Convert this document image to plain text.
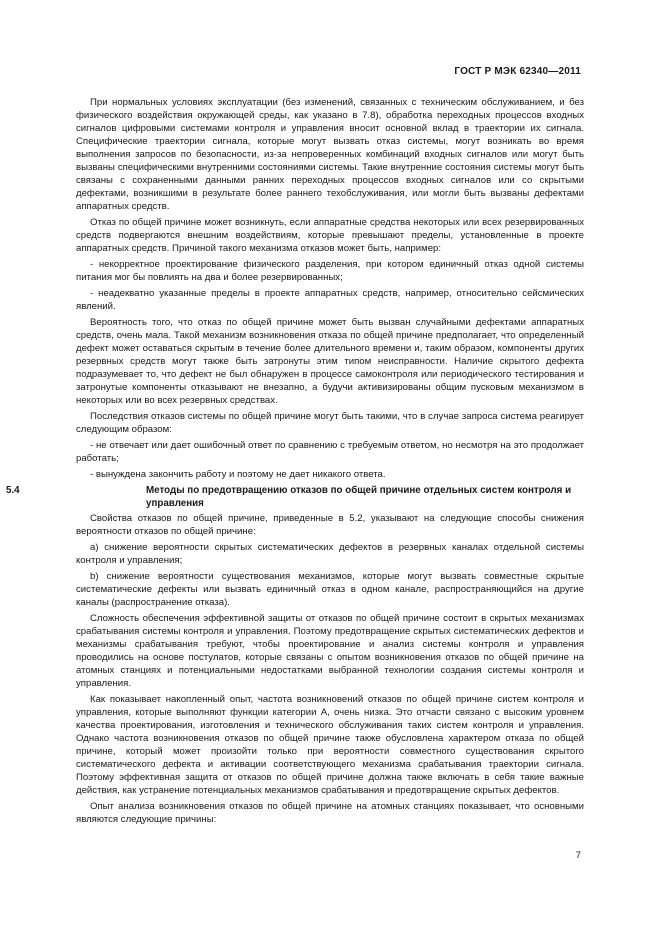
ГОСТ Р МЭК 62340—2011

При нормальных условиях эксплуатации (без изменений, связанных с техническим обслуживанием, и без физического воздействия окружающей среды, как указано в 7.8), обработка переходных процессов входных сигналов цифровыми системами контроля и управления вносит основной вклад в траектории их сигнала. Специфические траектории сигнала, которые могут вызвать отказ системы, могут возникать во время выполнения запросов по безопасности, из-за непроверенных комбинаций входных сигналов или могут быть вызваны специфическими внутренними состояниями системы. Такие внутренние состояния системы могут быть связаны с сохраненными данными ранних переходных процессов входных сигналов или со скрытыми дефектами, возникшими в результате более раннего техобслуживания, или могли быть вызваны дефектами аппаратных средств.

Отказ по общей причине может возникнуть, если аппаратные средства некоторых или всех резервированных средств подвергаются внешним воздействиям, которые превышают пределы, установленные в проекте аппаратных средств. Причиной такого механизма отказов может быть, например:

- некорректное проектирование физического разделения, при котором единичный отказ одной системы питания мог бы повлиять на два и более резервированных;

- неадекватно указанные пределы в проекте аппаратных средств, например, относительно сейсмических явлений.

Вероятность того, что отказ по общей причине может быть вызван случайными дефектами аппаратных средств, очень мала. Такой механизм возникновения отказа по общей причине предполагает, что определенный дефект может оставаться скрытым в течение более длительного времени и, таким образом, компоненты других резервных средств могут также быть затронуты этим типом неисправности. Наличие скрытого дефекта подразумевает то, что дефект не был обнаружен в процессе самоконтроля или периодического тестирования и затронутые компоненты отказывают не внезапно, а будучи активизированы общим пусковым механизмом в некоторых или во всех резервных средствах.

Последствия отказов системы по общей причине могут быть такими, что в случае запроса система реагирует следующим образом:

- не отвечает или дает ошибочный ответ по сравнению с требуемым ответом, но несмотря на это продолжает работать;

- вынуждена закончить работу и поэтому не дает никакого ответа.

5.4	Методы по предотвращению отказов по общей причине отдельных систем контроля и управления

Свойства отказов по общей причине, приведенные в 5.2, указывают на следующие способы снижения вероятности отказов по общей причине:

a) снижение вероятности скрытых систематических дефектов в резервных каналах отдельной системы контроля и управления;

b) снижение вероятности существования механизмов, которые могут вызвать совместные скрытые систематические дефекты или вызвать единичный отказ в одном канале, распространяющийся на другие каналы (распространение отказа).

Сложность обеспечения эффективной защиты от отказов по общей причине состоит в скрытых механизмах срабатывания системы контроля и управления. Поэтому предотвращение скрытых систематических дефектов и механизмы срабатывания требуют, чтобы проектирование и анализ системы контроля и управления проводились на основе постулатов, которые связаны с опытом возникновения отказов по общей причине на атомных станциях и потенциальными недостатками выбранной технологии создания системы контроля и управления.

Как показывает накопленный опыт, частота возникновений отказов по общей причине систем контроля и управления, которые выполняют функции категории А, очень низка. Это отчасти связано с высоким уровнем качества проектирования, изготовления и технического обслуживания таких систем контроля и управления. Однако частота возникновения отказов по общей причине также обусловлена характером отказа по общей причине, который может произойти только при вероятности совместного существования скрытого систематического дефекта и активации соответствующего механизма срабатывания траектории сигнала. Поэтому эффективная защита от отказов по общей причине должна также включать в себя такие важные действия, как устранение потенциальных механизмов срабатывания и предотвращение скрытых дефектов.

Опыт анализа возникновения отказов по общей причине на атомных станциях показывает, что основными являются следующие причины:

7
